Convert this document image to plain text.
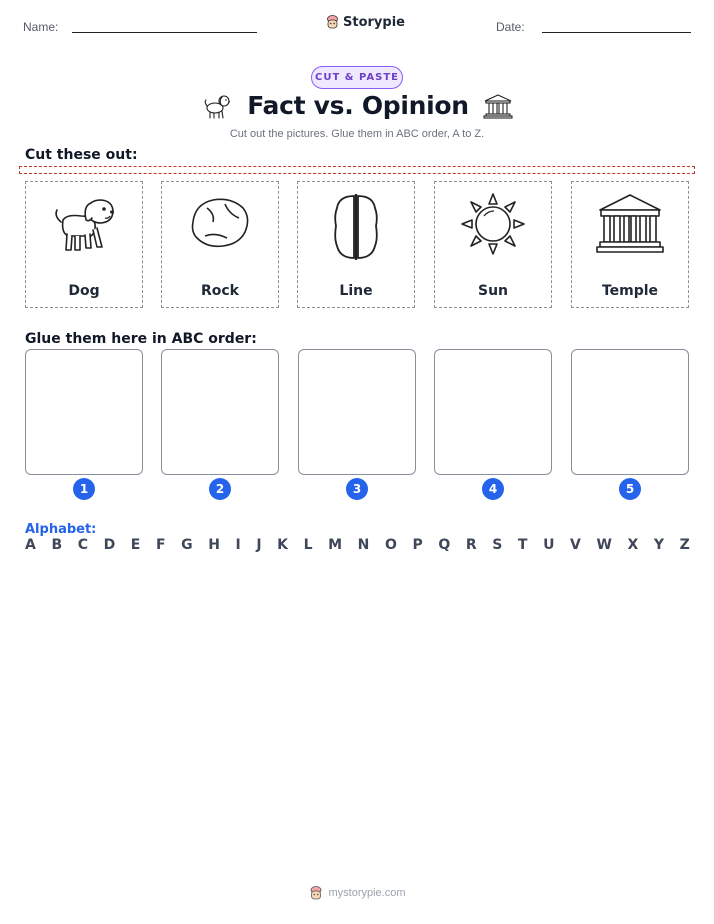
Name:	Storypie	Date:
CUT & PASTE
Fact vs. Opinion
Cut out the pictures. Glue them in ABC order, A to Z.
Cut these out:
Dog	Rock	Line	Sun	Temple
Glue them here in ABC order:
1	2	3	4	5
Alphabet:
A B C D E F G H I J K L M N O P Q R S T U V W X Y Z
mystorypie.com
